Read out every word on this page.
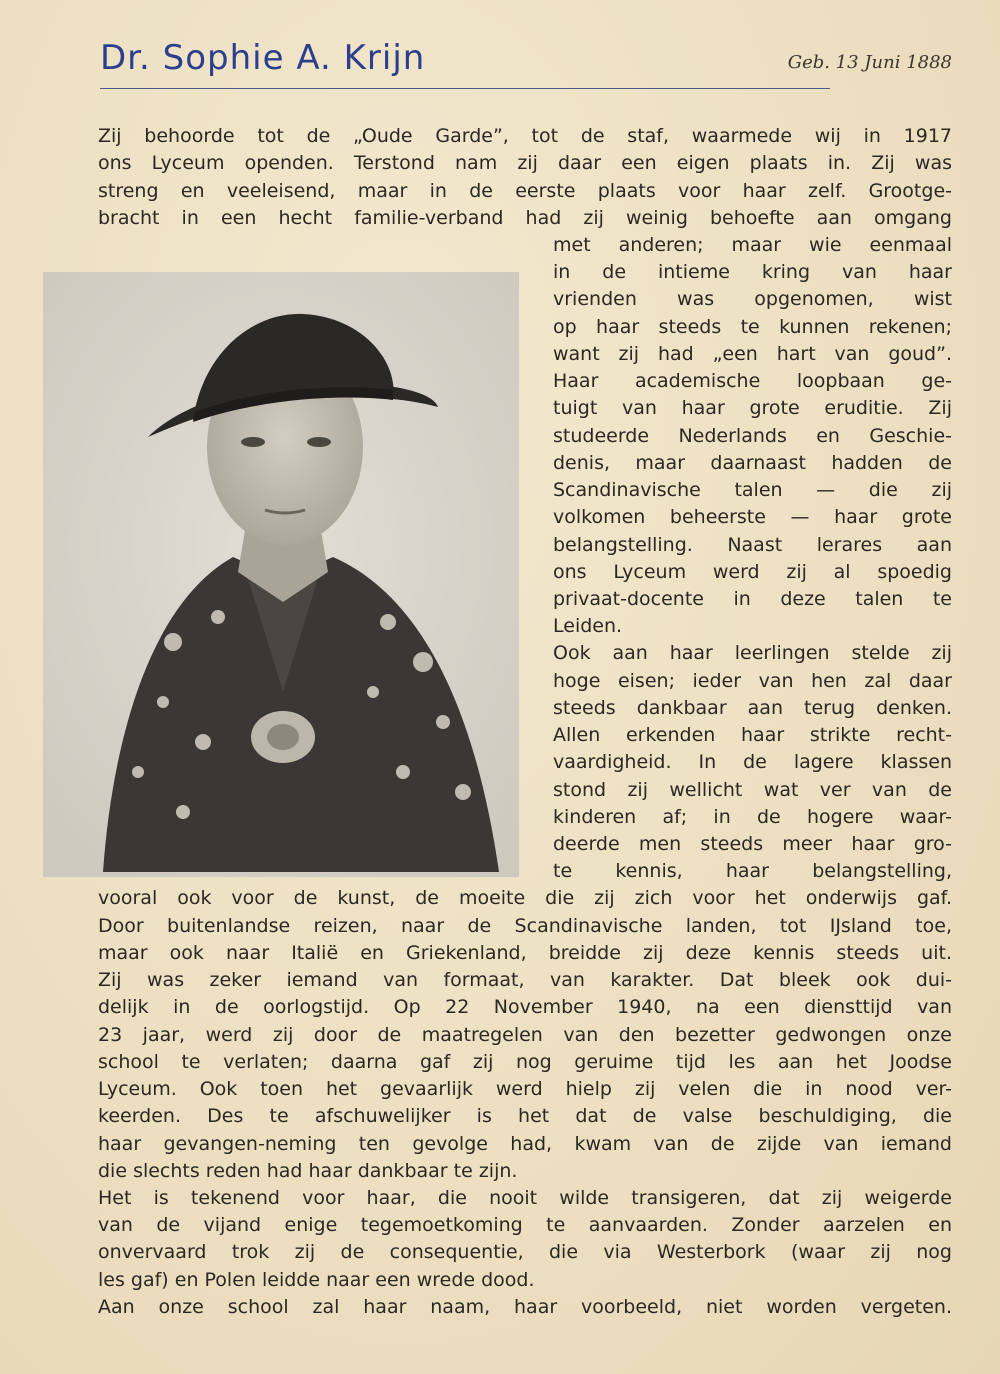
Dr. Sophie A. Krijn	Geb. 13 Juni 1888
Zij behoorde tot de „Oude Garde”, tot de staf, waarmede wij in 1917
ons Lyceum openden. Terstond nam zij daar een eigen plaats in. Zij was
streng en veeleisend, maar in de eerste plaats voor haar zelf. Grootge-
bracht in een hecht familie-verband had zij weinig behoefte aan omgang
met anderen; maar wie eenmaal
in de intieme kring van haar
vrienden was opgenomen, wist
op haar steeds te kunnen rekenen;
want zij had „een hart van goud”.
Haar academische loopbaan ge-
tuigt van haar grote eruditie. Zij
studeerde Nederlands en Geschie-
denis, maar daarnaast hadden de
Scandinavische talen — die zij
volkomen beheerste — haar grote
belangstelling. Naast lerares aan
ons Lyceum werd zij al spoedig
privaat-docente in deze talen te
Leiden.
Ook aan haar leerlingen stelde zij
hoge eisen; ieder van hen zal daar
steeds dankbaar aan terug denken.
Allen erkenden haar strikte recht-
vaardigheid. In de lagere klassen
stond zij wellicht wat ver van de
kinderen af; in de hogere waar-
deerde men steeds meer haar gro-
te kennis, haar belangstelling,
vooral ook voor de kunst, de moeite die zij zich voor het onderwijs gaf.
Door buitenlandse reizen, naar de Scandinavische landen, tot IJsland toe,
maar ook naar Italië en Griekenland, breidde zij deze kennis steeds uit.
Zij was zeker iemand van formaat, van karakter. Dat bleek ook dui-
delijk in de oorlogstijd. Op 22 November 1940, na een diensttijd van
23 jaar, werd zij door de maatregelen van den bezetter gedwongen onze
school te verlaten; daarna gaf zij nog geruime tijd les aan het Joodse
Lyceum. Ook toen het gevaarlijk werd hielp zij velen die in nood ver-
keerden. Des te afschuwelijker is het dat de valse beschuldiging, die
haar gevangen-neming ten gevolge had, kwam van de zijde van iemand
die slechts reden had haar dankbaar te zijn.
Het is tekenend voor haar, die nooit wilde transigeren, dat zij weigerde
van de vijand enige tegemoetkoming te aanvaarden. Zonder aarzelen en
onvervaard trok zij de consequentie, die via Westerbork (waar zij nog
les gaf) en Polen leidde naar een wrede dood.
Aan onze school zal haar naam, haar voorbeeld, niet worden vergeten.
